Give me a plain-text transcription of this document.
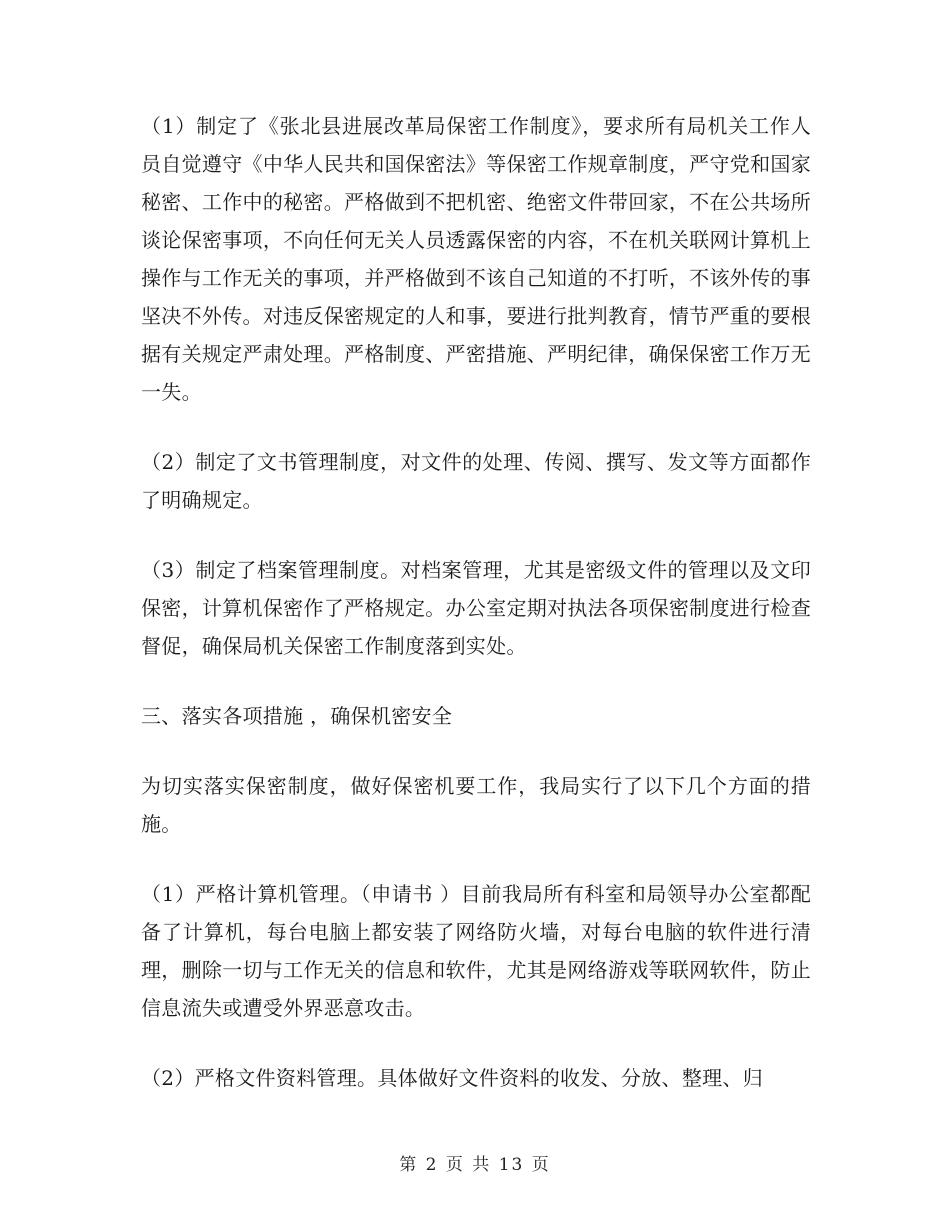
（1）制定了《张北县进展改革局保密工作制度》，要求所有局机关工作人员自觉遵守《中华人民共和国保密法》等保密工作规章制度，严守党和国家秘密、工作中的秘密。严格做到不把机密、绝密文件带回家，不在公共场所谈论保密事项，不向任何无关人员透露保密的内容，不在机关联网计算机上操作与工作无关的事项，并严格做到不该自己知道的不打听，不该外传的事坚决不外传。对违反保密规定的人和事，要进行批判教育，情节严重的要根据有关规定严肃处理。严格制度、严密措施、严明纪律，确保保密工作万无一失。

（2）制定了文书管理制度，对文件的处理、传阅、撰写、发文等方面都作了明确规定。

（3）制定了档案管理制度。对档案管理，尤其是密级文件的管理以及文印保密，计算机保密作了严格规定。办公室定期对执法各项保密制度进行检查督促，确保局机关保密工作制度落到实处。

三、落实各项措施 ，确保机密安全

为切实落实保密制度，做好保密机要工作，我局实行了以下几个方面的措施。

（1）严格计算机管理。（申请书 ）目前我局所有科室和局领导办公室都配备了计算机，每台电脑上都安装了网络防火墙，对每台电脑的软件进行清理，删除一切与工作无关的信息和软件，尤其是网络游戏等联网软件，防止信息流失或遭受外界恶意攻击。

（2）严格文件资料管理。具体做好文件资料的收发、分放、整理、归

第 2 页 共 13 页
